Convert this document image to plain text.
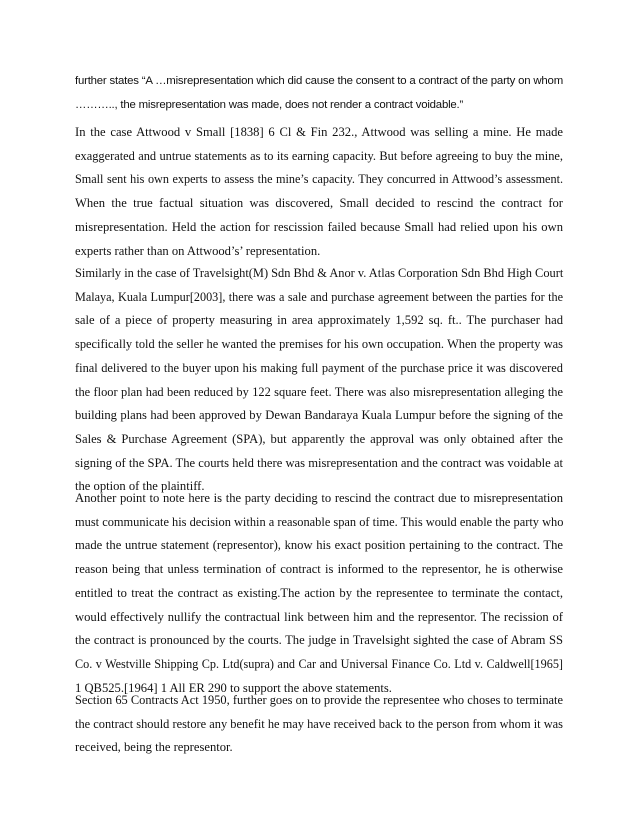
further states “A …misrepresentation which did cause the consent to a contract of the party on whom
……….., the misrepresentation was made, does not render a contract voidable.”
In the case Attwood v Small [1838] 6 Cl & Fin 232., Attwood was selling a mine. He made
exaggerated and untrue statements as to its earning capacity. But before agreeing to buy the mine,
Small sent his own experts to assess the mine’s capacity. They concurred in Attwood’s assessment.
When the true factual situation was discovered, Small decided to rescind the contract for
misrepresentation. Held the action for rescission failed because Small had relied upon his own
experts rather than on Attwood’s’ representation.
Similarly in the case of Travelsight(M) Sdn Bhd & Anor v. Atlas Corporation Sdn Bhd High Court
Malaya, Kuala Lumpur[2003], there was a sale and purchase agreement between the parties for the
sale of a piece of property measuring in area approximately 1,592 sq. ft.. The purchaser had
specifically told the seller he wanted the premises for his own occupation. When the property was
final delivered to the buyer upon his making full payment of the purchase price it was discovered
the floor plan had been reduced by 122 square feet. There was also misrepresentation alleging the
building plans had been approved by Dewan Bandaraya Kuala Lumpur before the signing of the
Sales & Purchase Agreement (SPA), but apparently the approval was only obtained after the
signing of the SPA. The courts held there was misrepresentation and the contract was voidable at
the option of the plaintiff.
Another point to note here is the party deciding to rescind the contract due to misrepresentation
must communicate his decision within a reasonable span of time. This would enable the party who
made the untrue statement (representor), know his exact position pertaining to the contract. The
reason being that unless termination of contract is informed to the representor, he is otherwise
entitled to treat the contract as existing.The action by the representee to terminate the contact,
would effectively nullify the contractual link between him and the representor. The recission of
the contract is pronounced by the courts. The judge in Travelsight sighted the case of Abram SS
Co. v Westville Shipping Cp. Ltd(supra) and Car and Universal Finance Co. Ltd v. Caldwell[1965]
1 QB525.[1964] 1 All ER 290 to support the above statements.
Section 65 Contracts Act 1950, further goes on to provide the representee who choses to terminate
the contract should restore any benefit he may have received back to the person from whom it was
received, being the representor.
